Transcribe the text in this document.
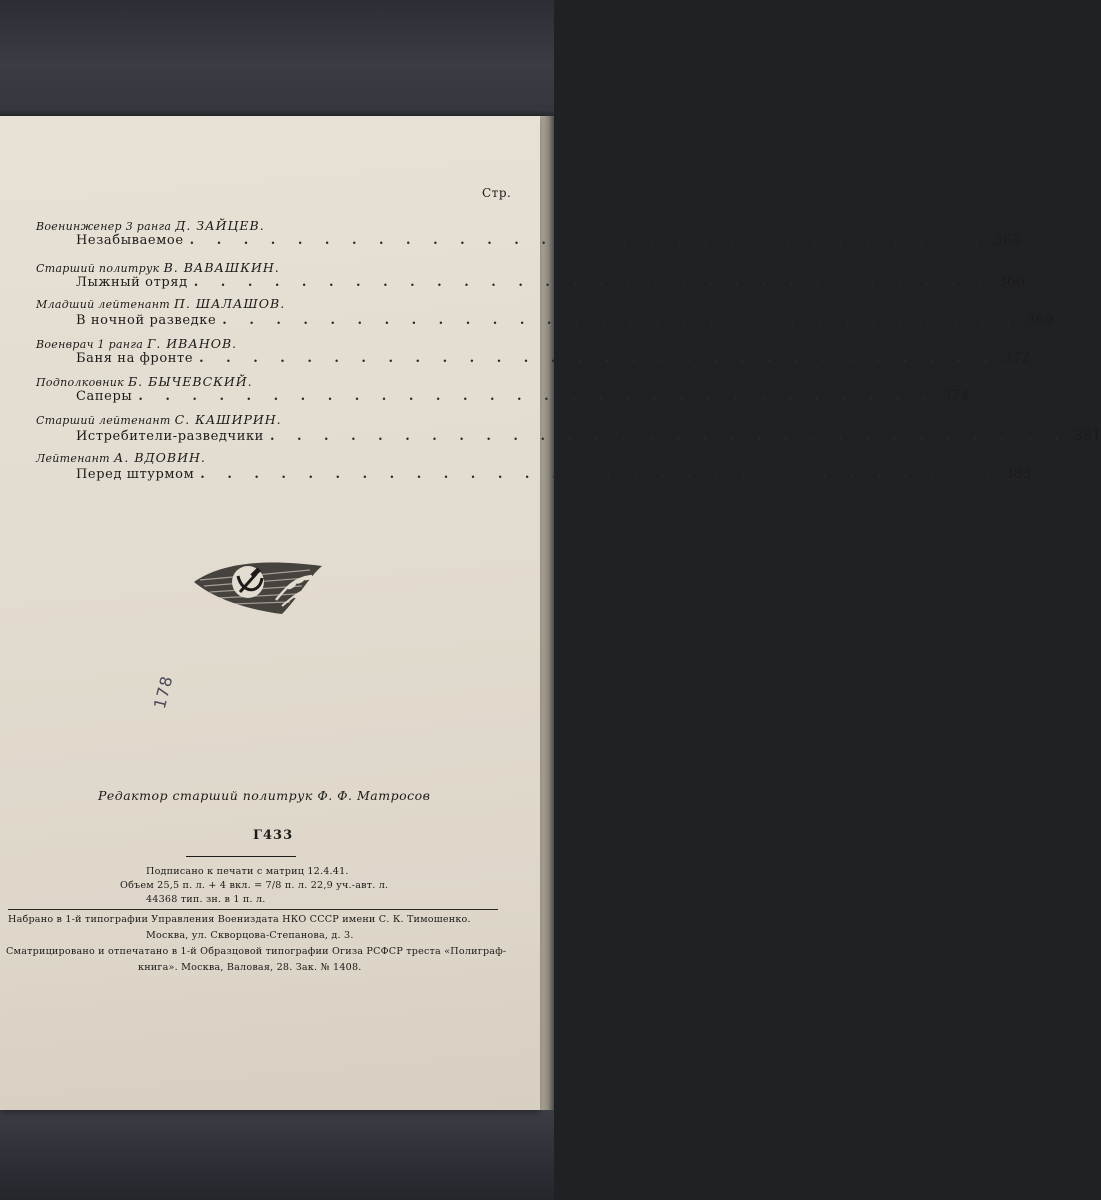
Стр.
Военинженер 3 ранга Д. ЗАЙЦЕВ.
Незабываемое . . . . . . . . . . . . . . . . . . . . . . . . . . . . . . 363
Старший политрук В. ВАВАШКИН.
Лыжный отряд . . . . . . . . . . . . . . . . . . . . . . . . . . . . . . 366
Младший лейтенант П. ШАЛАШОВ.
В ночной разведке . . . . . . . . . . . . . . . . . . . . . . . . . . . . . . 369
Военврач 1 ранга Г. ИВАНОВ.
Баня на фронте . . . . . . . . . . . . . . . . . . . . . . . . . . . . . . 372
Подполковник Б. БЫЧЕВСКИЙ.
Саперы . . . . . . . . . . . . . . . . . . . . . . . . . . . . . . 374
Старший лейтенант С. КАШИРИН.
Истребители-разведчики . . . . . . . . . . . . . . . . . . . . . . . . . . . . . . 381
Лейтенант А. ВДОВИН.
Перед штурмом . . . . . . . . . . . . . . . . . . . . . . . . . . . . . . 383
178
Редактор старший политрук Ф. Ф. Матросов
Г433
Подписано к печати с матриц 12.4.41.
Объем 25,5 п. л. + 4 вкл. = 7/8 п. л. 22,9 уч.-авт. л.
44368 тип. зн. в 1 п. л.
Набрано в 1-й типографии Управления Воениздата НКО СССР имени С. К. Тимошенко.
Москва, ул. Скворцова-Степанова, д. 3.
Сматрицировано и отпечатано в 1-й Образцовой типографии Огиза РСФСР треста «Полиграф-
книга». Москва, Валовая, 28. Зак. № 1408.
